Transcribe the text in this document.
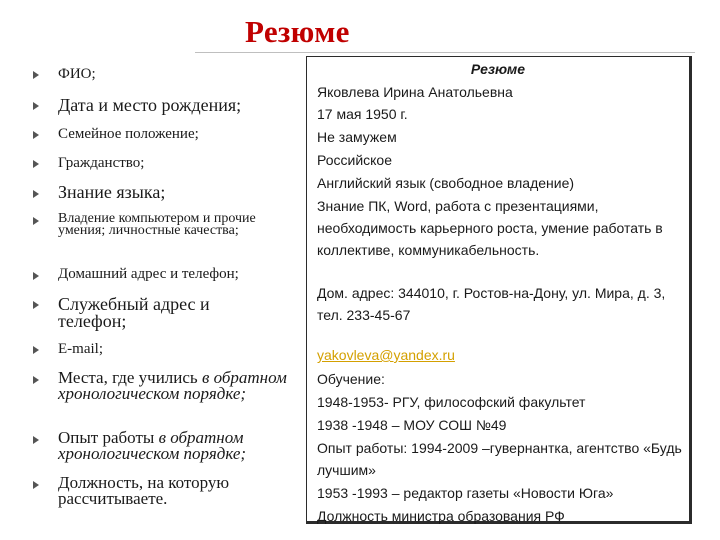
Резюме
ФИО;
Дата и место рождения;
Семейное положение;
Гражданство;
Знание языка;
Владение компьютером и прочие умения; личностные качества;
Домашний адрес и телефон;
Служебный адрес и телефон;
E-mail;
Места, где учились в обратном хронологическом порядке;
Опыт работы в обратном хронологическом порядке;
Должность, на которую рассчитываете.
Резюме
Яковлева Ирина Анатольевна
17 мая 1950 г.
Не замужем
Российское
Английский язык (свободное владение)
Знание ПК, Word, работа с презентациями, необходимость карьерного роста, умение работать в коллективе, коммуникабельность.
Дом. адрес: 344010, г. Ростов-на-Дону, ул. Мира, д. 3, тел. 233-45-67
yakovleva@yandex.ru
Обучение:
1948-1953- РГУ, философский факультет
1938 -1948 – МОУ СОШ №49
Опыт работы: 1994-2009 –гувернантка, агентство «Будь лучшим»
1953 -1993 – редактор газеты «Новости Юга»
Должность министра образования РФ
